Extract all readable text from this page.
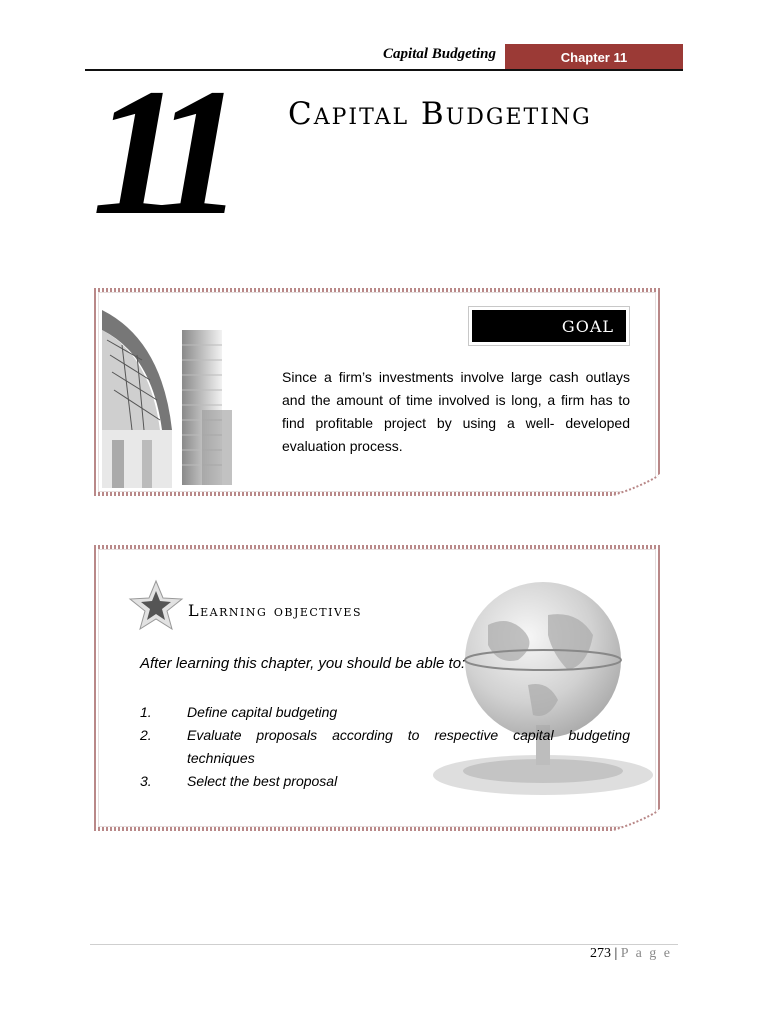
Capital Budgeting	Chapter 11
11 Capital Budgeting
GOAL
Since a firm’s investments involve large cash outlays and the amount of time involved is long, a firm has to find profitable project by using a well- developed evaluation process.
Learning objectives
After learning this chapter, you should be able to:
1.	Define capital budgeting
2.	Evaluate proposals according to respective capital budgeting techniques
3.	Select the best proposal
273 | P a g e
